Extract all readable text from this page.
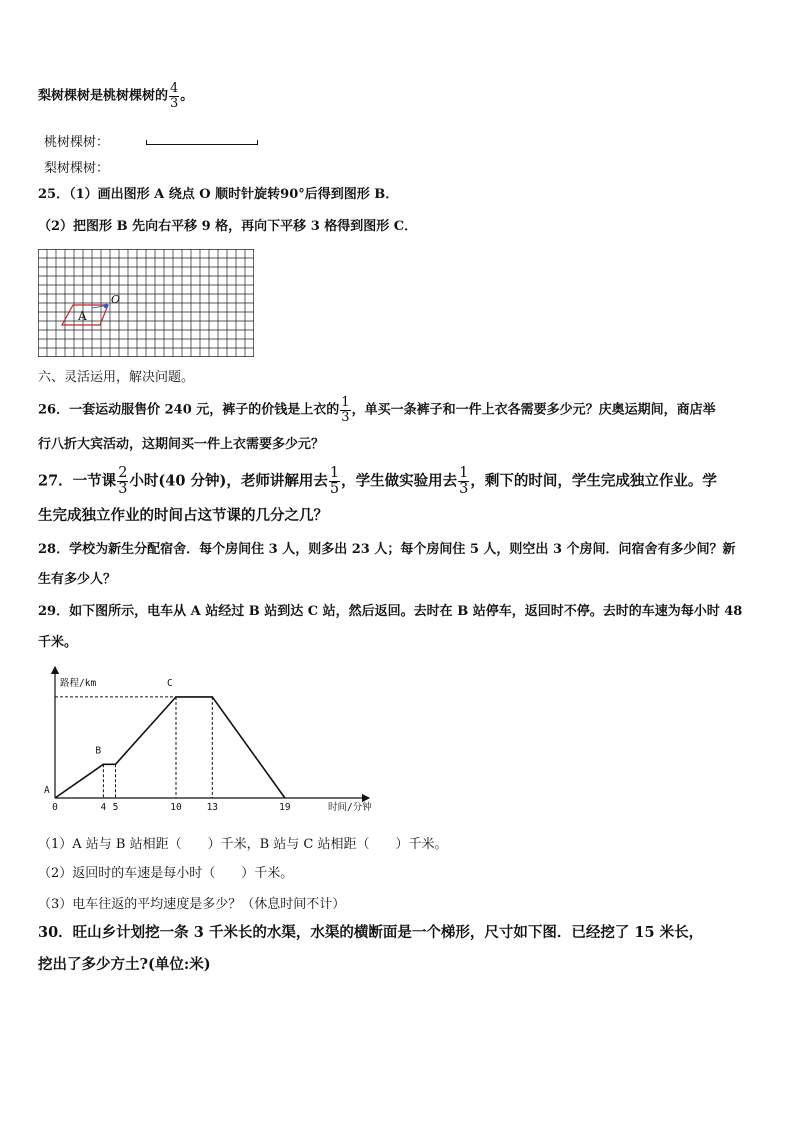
梨树棵树是桃树棵树的 $\frac{4}{3}$ 。
桃树棵树：
梨树棵树：
25．（1）画出图形 A 绕点 O 顺时针旋转90°后得到图形 B．
（2）把图形 B 先向右平移 9 格，再向下平移 3 格得到图形 C．
A
O
六、灵活运用，解决问题。
26．一套运动服售价 240 元，裤子的价钱是上衣的 $\frac{1}{3}$ ，单买一条裤子和一件上衣各需要多少元？庆奥运期间，商店举
行八折大宾活动，这期间买一件上衣需要多少元？
27．一节课 $\frac{2}{3}$ 小时(40 分钟)，老师讲解用去 $\frac{1}{5}$ ，学生做实验用去 $\frac{1}{3}$ ，剩下的时间，学生完成独立作业。学
生完成独立作业的时间占这节课的几分之几？
28．学校为新生分配宿舍．每个房间住 3 人，则多出 23 人；每个房间住 5 人，则空出 3 个房间．问宿舍有多少间？新
生有多少人？
29．如下图所示，电车从 A 站经过 B 站到达 C 站，然后返回。去时在 B 站停车，返回时不停。去时的车速为每小时 48
千米。
路程/km
时间/分钟
0	4 5	10	13	19
A
B
C
（1）A 站与 B 站相距（　　）千米，B 站与 C 站相距（　　）千米。
（2）返回时的车速是每小时（　　）千米。
（3）电车往返的平均速度是多少？（休息时间不计）
30．旺山乡计划挖一条 3 千米长的水渠，水渠的横断面是一个梯形，尺寸如下图．已经挖了 15 米长，
挖出了多少方土?(单位:米)
